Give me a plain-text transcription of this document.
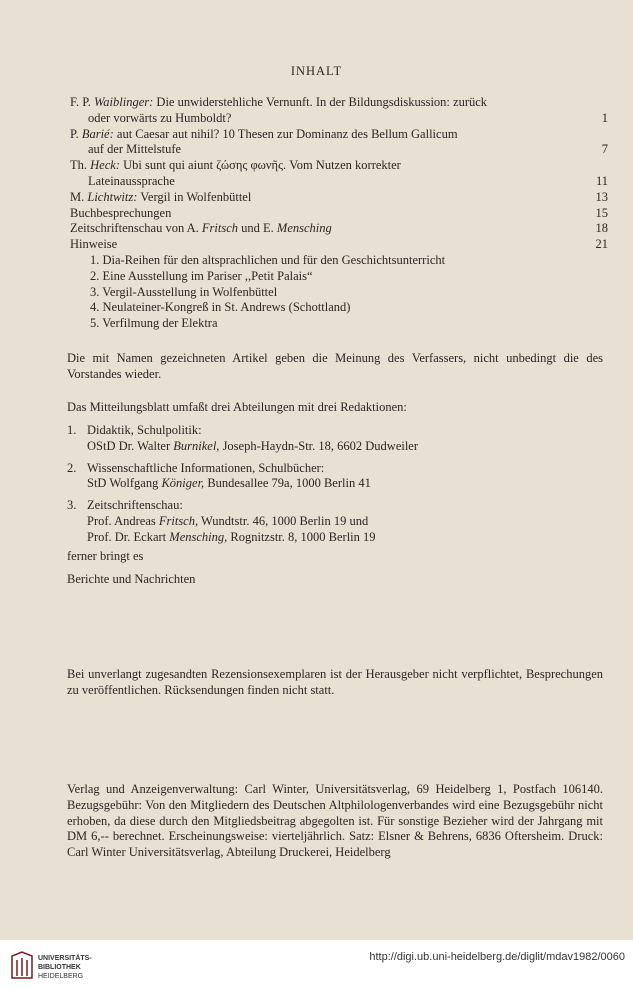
INHALT
F. P. Waiblinger: Die unwiderstehliche Vernunft. In der Bildungsdiskussion: zurück
oder vorwärts zu Humboldt?	1
P. Barié: aut Caesar aut nihil? 10 Thesen zur Dominanz des Bellum Gallicum
auf der Mittelstufe	7
Th. Heck: Ubi sunt qui aiunt ζώσης φωνῆς. Vom Nutzen korrekter
Lateinaussprache	11
M. Lichtwitz: Vergil in Wolfenbüttel	13
Buchbesprechungen	15
Zeitschriftenschau von A. Fritsch und E. Mensching	18
Hinweise	21
1. Dia-Reihen für den altsprachlichen und für den Geschichtsunterricht
2. Eine Ausstellung im Pariser ,,Petit Palais“
3. Vergil-Ausstellung in Wolfenbüttel
4. Neulateiner-Kongreß in St. Andrews (Schottland)
5. Verfilmung der Elektra
Die mit Namen gezeichneten Artikel geben die Meinung des Verfassers, nicht unbedingt die des Vorstandes wieder.
Das Mitteilungsblatt umfaßt drei Abteilungen mit drei Redaktionen:
1. Didaktik, Schulpolitik:
OStD Dr. Walter Burnikel, Joseph-Haydn-Str. 18, 6602 Dudweiler
2. Wissenschaftliche Informationen, Schulbücher:
StD Wolfgang Königer, Bundesallee 79a, 1000 Berlin 41
3. Zeitschriftenschau:
Prof. Andreas Fritsch, Wundtstr. 46, 1000 Berlin 19 und
Prof. Dr. Eckart Mensching, Rognitzstr. 8, 1000 Berlin 19
ferner bringt es
Berichte und Nachrichten
Bei unverlangt zugesandten Rezensionsexemplaren ist der Herausgeber nicht verpflichtet, Besprechungen zu veröffentlichen. Rücksendungen finden nicht statt.
Verlag und Anzeigenverwaltung: Carl Winter, Universitätsverlag, 69 Heidelberg 1, Postfach 106140. Bezugsgebühr: Von den Mitgliedern des Deutschen Altphilologenverbandes wird eine Bezugsgebühr nicht erhoben, da diese durch den Mitgliedsbeitrag abgegolten ist. Für sonstige Bezieher wird der Jahrgang mit DM 6,-- berechnet. Erscheinungsweise: vierteljährlich. Satz: Elsner & Behrens, 6836 Oftersheim. Druck: Carl Winter Universitätsverlag, Abteilung Druckerei, Heidelberg
UNIVERSITÄTS-
BIBLIOTHEK
HEIDELBERG
http://digi.ub.uni-heidelberg.de/diglit/mdav1982/0060
